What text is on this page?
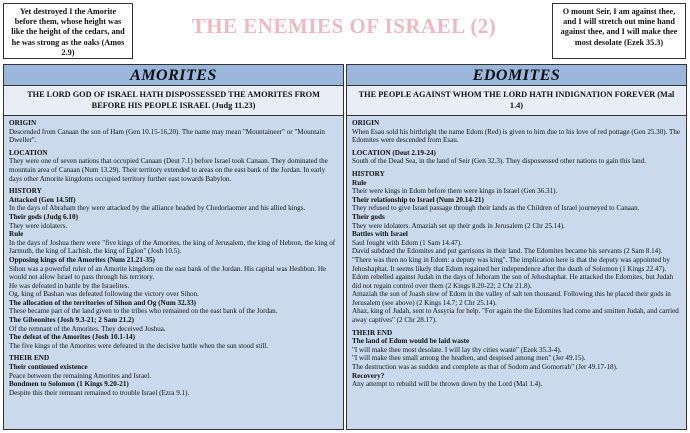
Yet destroyed I the Amorite before them, whose height was like the height of the cedars, and he was strong as the oaks (Amos 2.9)
THE ENEMIES OF ISRAEL (2)
O mount Seir, I am against thee, and I will stretch out mine hand against thee, and I will make thee most desolate (Ezek 35.3)
AMORITES
THE LORD GOD OF ISRAEL HATH DISPOSSESSED THE AMORITES FROM BEFORE HIS PEOPLE ISRAEL (Judg 11.23)

ORIGIN

Descended from Canaan the son of Ham (Gen 10.15-16,20). The name may mean "Mountaineer" or "Mountain Dweller".

LOCATION

They were one of seven nations that occupied Canaan (Deut 7.1) before Israel took Canaan. They dominated the mountain area of Canaan (Num 13.29). Their territory extended to areas on the east bank of the Jordan. In early days other Amorite kingdoms occupied territory further east towards Babylon.

HISTORY

Attacked (Gen 14.5ff)

In the days of Abraham they were attacked by the alliance headed by Chedorlaomer and his allied kings.

Their gods (Judg 6.10)

They were idolaters.

Rule

In the days of Joshua there were "five kings of the Amorites, the king of Jerusalem, the king of Hebron, the king of Jarmuth, the king of Lachish, the king of Eglon" (Josh 10.5).

Opposing kings of the Amorites (Num 21.21-35)

Sihon was a powerful ruler of an Amorite kingdom on the east bank of the Jordan. His capital was Heshbon. He would not allow Israel to pass through his territory.

He was defeated in battle by the Israelites.

Og, king of Bashan was defeated following the victory over Sihon.

The allocation of the territories of Sihon and Og (Num 32.33)

These became part of the land given to the tribes who remained on the east bank of the Jordan.

The Gibeonites (Josh 9.3-21; 2 Sam 21.2)

Of the remnant of the Amorites. They deceived Joshua.

The defeat of the Amorites (Josh 10.1-14)

The five kings of the Amorites were defeated in the decisive battle when the sun stood still.

THEIR END

Their continued existence

Peace between the remaining Amorites and Israel.

Bondmen to Solomon (1 Kings 9.20-21)

Despite this their remnant remained to trouble Israel (Ezra 9.1).

EDOMITES
THE PEOPLE AGAINST WHOM THE LORD HATH INDIGNATION FOREVER (Mal 1.4)

ORIGIN

When Esau sold his birthright the name Edom (Red) is given to him due to his love of red pottage (Gen 25.30). The Edomites were descended from Esau.

LOCATION (Deut 2.19-24)

South of the Dead Sea, in the land of Seir (Gen 32.3). They dispossessed other nations to gain this land.

HISTORY

Rule

Their were kings in Edom before there were kings in Israel (Gen 36.31).

Their relationship to Israel (Num 20.14-21)

They refused to give Israel passage through their lands as the Children of Israel journeyed to Canaan.

Their gods

They were idolaters. Amaziah set up their gods in Jerusalem (2 Chr 25.14).

Battles with Israel

Saul fought with Edom (1 Sam 14.47).

David subdued the Edomites and put garrisons in their land. The Edomites became his servants (2 Sam 8.14).

"There was then no king in Edom: a deputy was king". The implication here is that the deputy was appointed by Jehoshaphat. It seems likely that Edom regained her independence after the death of Solomon (1 Kings 22.47).

Edom rebelled against Judah in the days of Jehoram the son of Jehoshaphat. He attacked the Edomites, but Judah did not regain control over them (2 Kings 8.20-22; 2 Chr 21.8).

Amaziah the son of Joash slew of Edom in the valley of salt ten thousand. Following this he placed their gods in Jerusalem (see above) (2 Kings 14.7; 2 Chr 25.14).

Ahaz, king of Judah, sent to Assyria for help. "For again the the Edomites had come and smitten Judah, and carried away captives" (2 Chr 28.17).

THEIR END

The land of Edom would be laid waste

"I will make thee most desolate. I will lay thy cities waste" (Ezek 35.3-4).

"I will make thee small among the heathen, and despised among men" (Jer 49.15).

The destruction was as sudden and complete as that of Sodom and Gomorrah" (Jer 49.17-18).

Recovery?

Any attempt to rebuild will be thrown down by the Lord (Mal 1.4).
